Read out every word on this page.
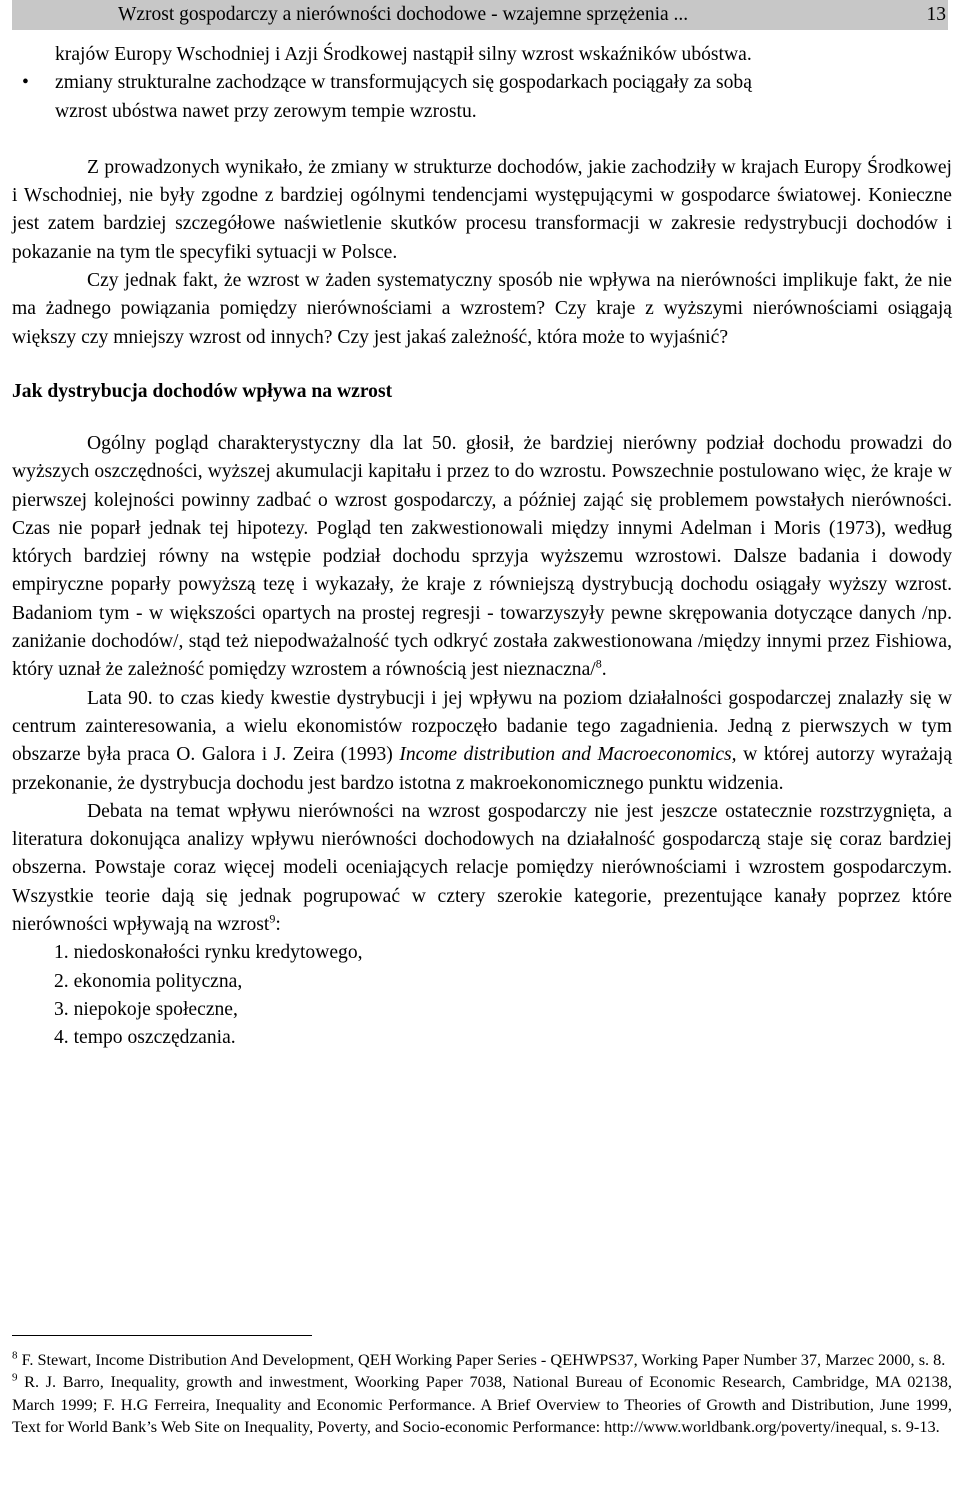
Wzrost gospodarczy a nierówności dochodowe - wzajemne sprzężenia ...	13

krajów Europy Wschodniej i Azji Środkowej nastąpił silny wzrost wskaźników ubóstwa.

• zmiany strukturalne zachodzące w transformujących się gospodarkach pociągały za sobą
wzrost ubóstwa nawet przy zerowym tempie wzrostu.

Z prowadzonych wynikało, że zmiany w strukturze dochodów, jakie zachodziły w krajach Europy Środkowej i Wschodniej, nie były zgodne z bardziej ogólnymi tendencjami występującymi w gospodarce światowej. Konieczne jest zatem bardziej szczegółowe naświetlenie skutków procesu transformacji w zakresie redystrybucji dochodów i pokazanie na tym tle specyfiki sytuacji w Polsce.

Czy jednak fakt, że wzrost w żaden systematyczny sposób nie wpływa na nierówności implikuje fakt, że nie ma żadnego powiązania pomiędzy nierównościami a wzrostem? Czy kraje z wyższymi nierównościami osiągają większy czy mniejszy wzrost od innych? Czy jest jakaś zależność, która może to wyjaśnić?

Jak dystrybucja dochodów wpływa na wzrost

Ogólny pogląd charakterystyczny dla lat 50. głosił, że bardziej nierówny podział dochodu prowadzi do wyższych oszczędności, wyższej akumulacji kapitału i przez to do wzrostu. Powszechnie postulowano więc, że kraje w pierwszej kolejności powinny zadbać o wzrost gospodarczy, a później zająć się problemem powstałych nierówności. Czas nie poparł jednak tej hipotezy. Pogląd ten zakwestionowali między innymi Adelman i Moris (1973), według których bardziej równy na wstępie podział dochodu sprzyja wyższemu wzrostowi. Dalsze badania i dowody empiryczne poparły powyższą tezę i wykazały, że kraje z równiejszą dystrybucją dochodu osiągały wyższy wzrost. Badaniom tym - w większości opartych na prostej regresji - towarzyszyły pewne skrępowania dotyczące danych /np. zaniżanie dochodów/, stąd też niepodważalność tych odkryć została zakwestionowana /między innymi przez Fishiowa, który uznał że zależność pomiędzy wzrostem a równością jest nieznaczna/$^8$.

Lata 90. to czas kiedy kwestie dystrybucji i jej wpływu na poziom działalności gospodarczej znalazły się w centrum zainteresowania, a wielu ekonomistów rozpoczęło badanie tego zagadnienia. Jedną z pierwszych w tym obszarze była praca O. Galora i J. Zeira (1993) Income distribution and Macroeconomics, w której autorzy wyrażają przekonanie, że dystrybucja dochodu jest bardzo istotna z makroekonomicznego punktu widzenia.

Debata na temat wpływu nierówności na wzrost gospodarczy nie jest jeszcze ostatecznie rozstrzygnięta, a literatura dokonująca analizy wpływu nierówności dochodowych na działalność gospodarczą staje się coraz bardziej obszerna. Powstaje coraz więcej modeli oceniających relacje pomiędzy nierównościami i wzrostem gospodarczym. Wszystkie teorie dają się jednak pogrupować w cztery szerokie kategorie, prezentujące kanały poprzez które nierówności wpływają na wzrost$^9$:

1. niedoskonałości rynku kredytowego,
2. ekonomia polityczna,
3. niepokoje społeczne,
4. tempo oszczędzania.

$^8$ F. Stewart, Income Distribution And Development, QEH Working Paper Series - QEHWPS37, Working Paper Number 37, Marzec 2000, s. 8.

$^9$ R. J. Barro, Inequality, growth and inwestment, Woorking Paper 7038, National Bureau of Economic Research, Cambridge, MA 02138, March 1999; F. H.G Ferreira, Inequality and Economic Performance. A Brief Overview to Theories of Growth and Distribution, June 1999, Text for World Bank’s Web Site on Inequality, Poverty, and Socio-economic Performance: http://www.worldbank.org/poverty/inequal, s. 9-13.
